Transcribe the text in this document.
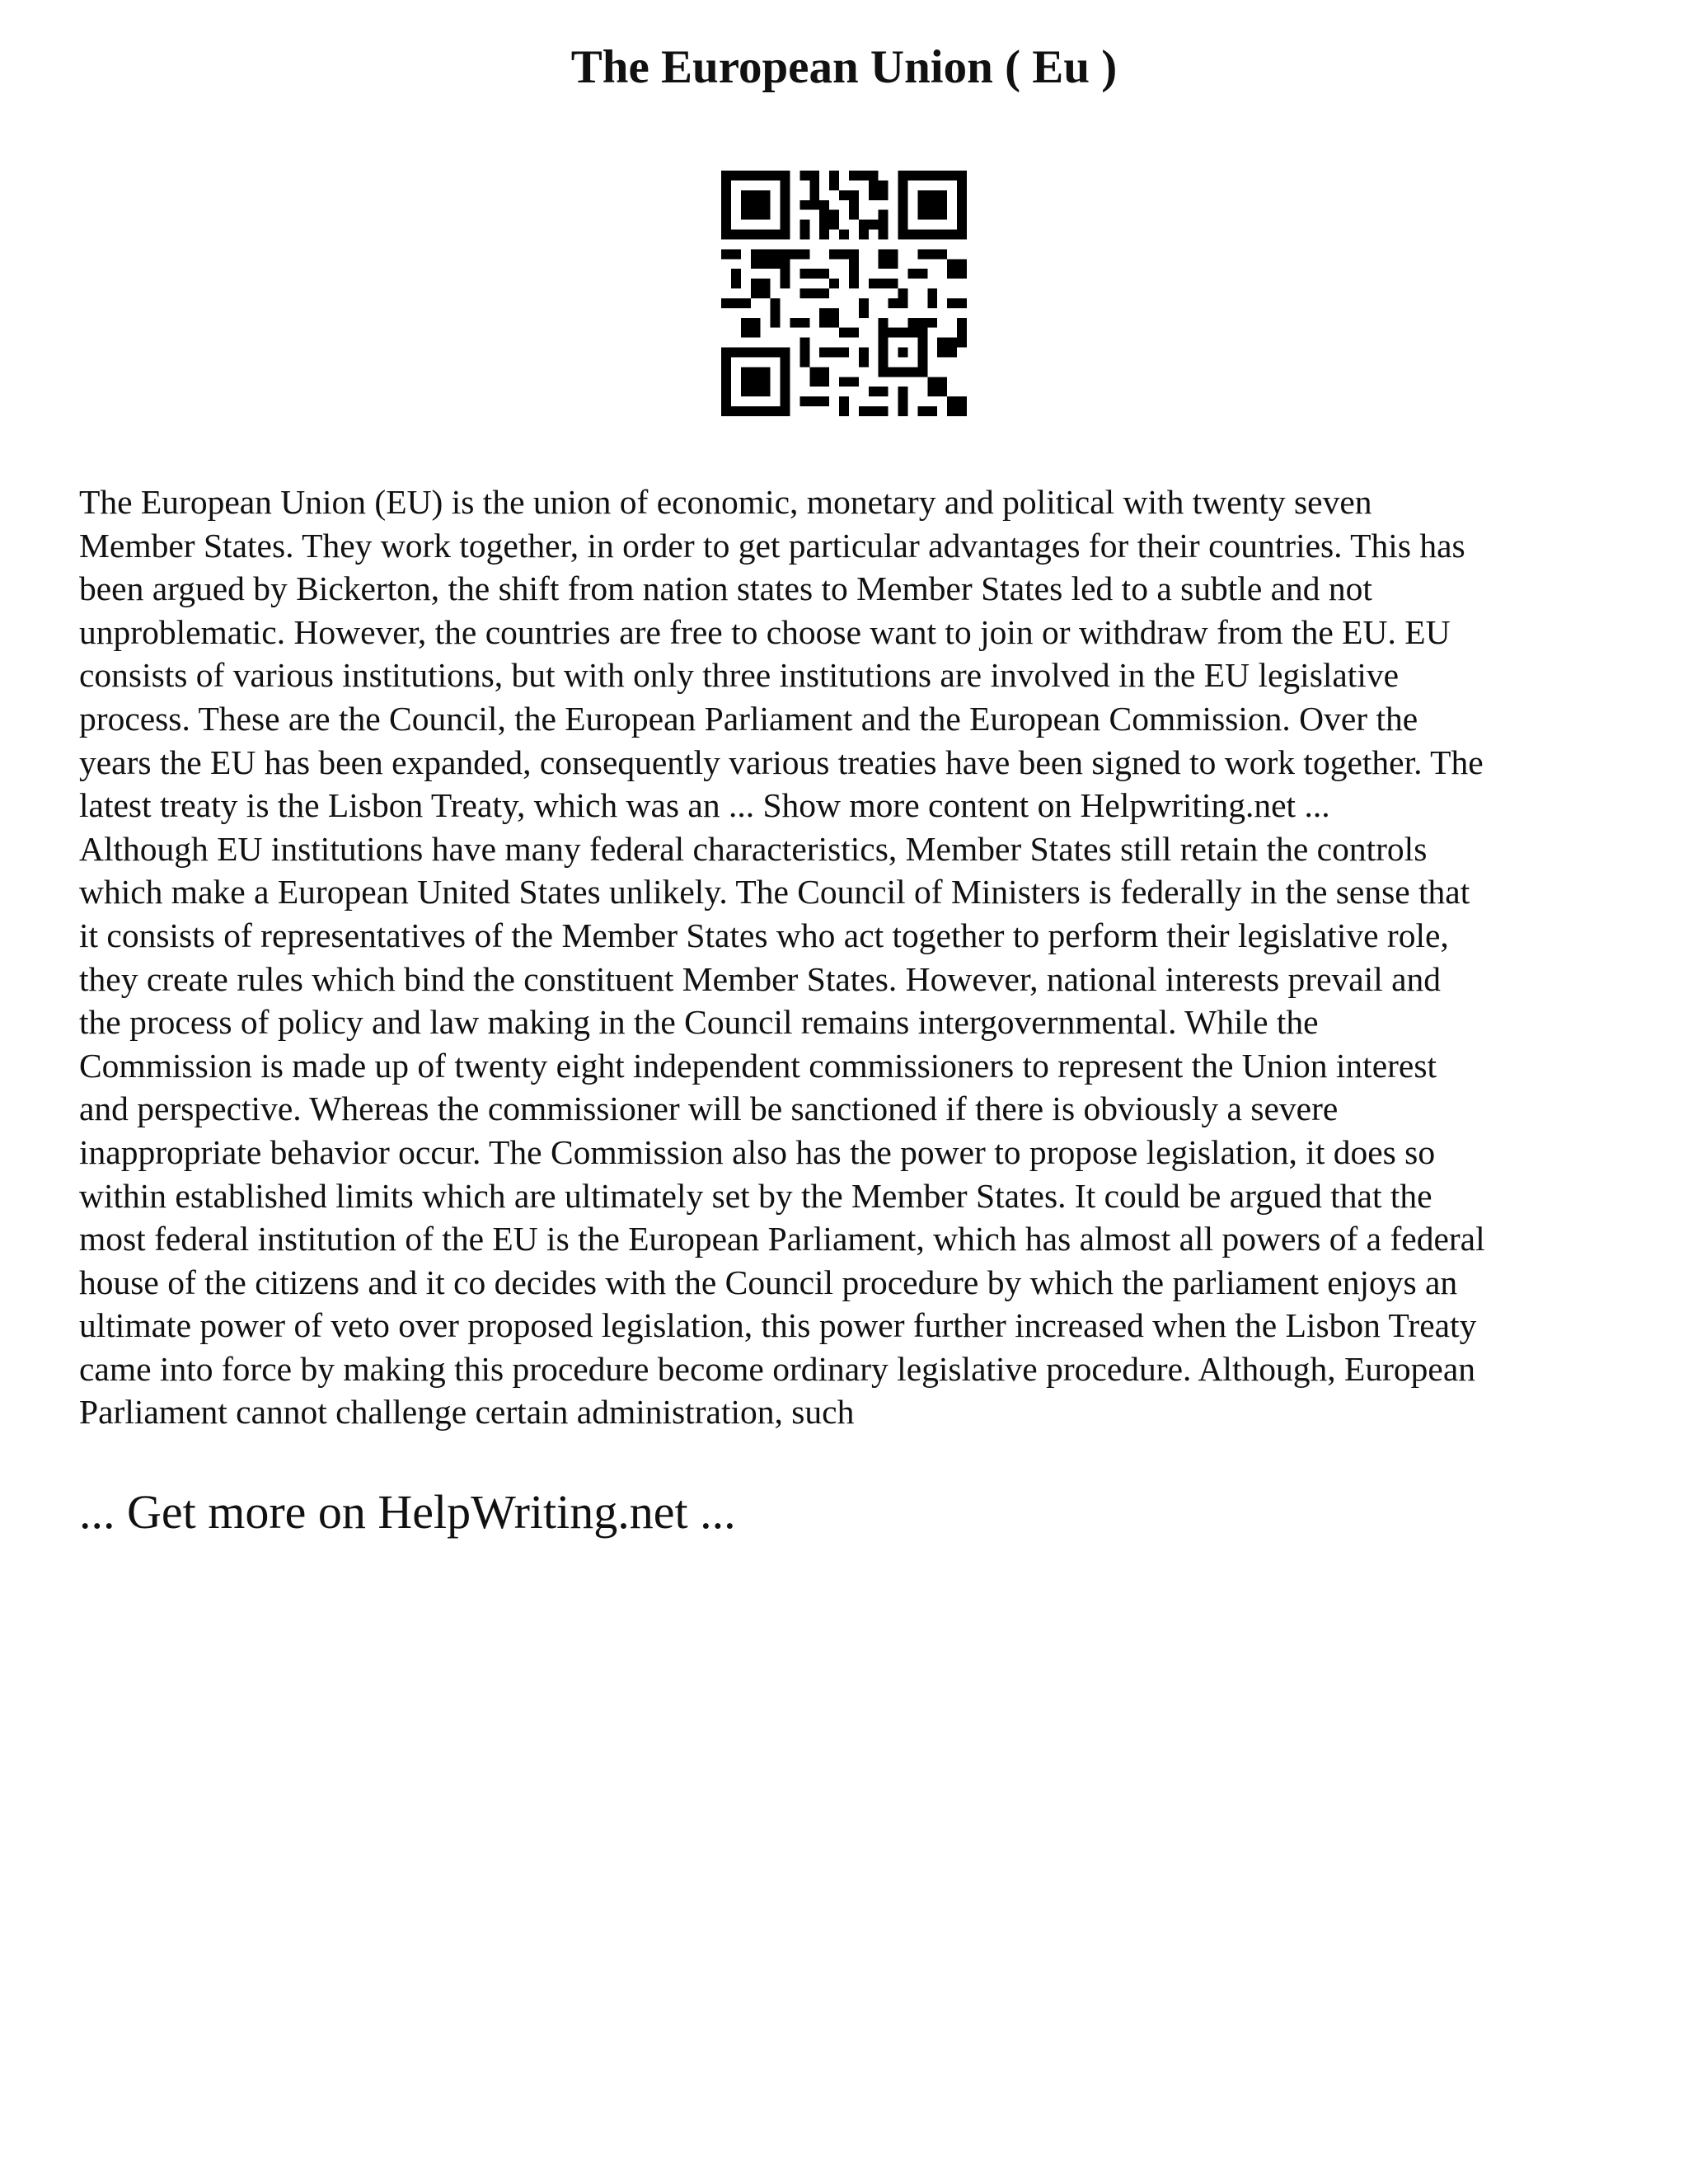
The European Union ( Eu )

The European Union (EU) is the union of economic, monetary and political with twenty seven
Member States. They work together, in order to get particular advantages for their countries. This has
been argued by Bickerton, the shift from nation states to Member States led to a subtle and not
unproblematic. However, the countries are free to choose want to join or withdraw from the EU. EU
consists of various institutions, but with only three institutions are involved in the EU legislative
process. These are the Council, the European Parliament and the European Commission. Over the
years the EU has been expanded, consequently various treaties have been signed to work together. The
latest treaty is the Lisbon Treaty, which was an ... Show more content on Helpwriting.net ...
Although EU institutions have many federal characteristics, Member States still retain the controls
which make a European United States unlikely. The Council of Ministers is federally in the sense that
it consists of representatives of the Member States who act together to perform their legislative role,
they create rules which bind the constituent Member States. However, national interests prevail and
the process of policy and law making in the Council remains intergovernmental. While the
Commission is made up of twenty eight independent commissioners to represent the Union interest
and perspective. Whereas the commissioner will be sanctioned if there is obviously a severe
inappropriate behavior occur. The Commission also has the power to propose legislation, it does so
within established limits which are ultimately set by the Member States. It could be argued that the
most federal institution of the EU is the European Parliament, which has almost all powers of a federal
house of the citizens and it co decides with the Council procedure by which the parliament enjoys an
ultimate power of veto over proposed legislation, this power further increased when the Lisbon Treaty
came into force by making this procedure become ordinary legislative procedure. Although, European
Parliament cannot challenge certain administration, such

... Get more on HelpWriting.net ...
